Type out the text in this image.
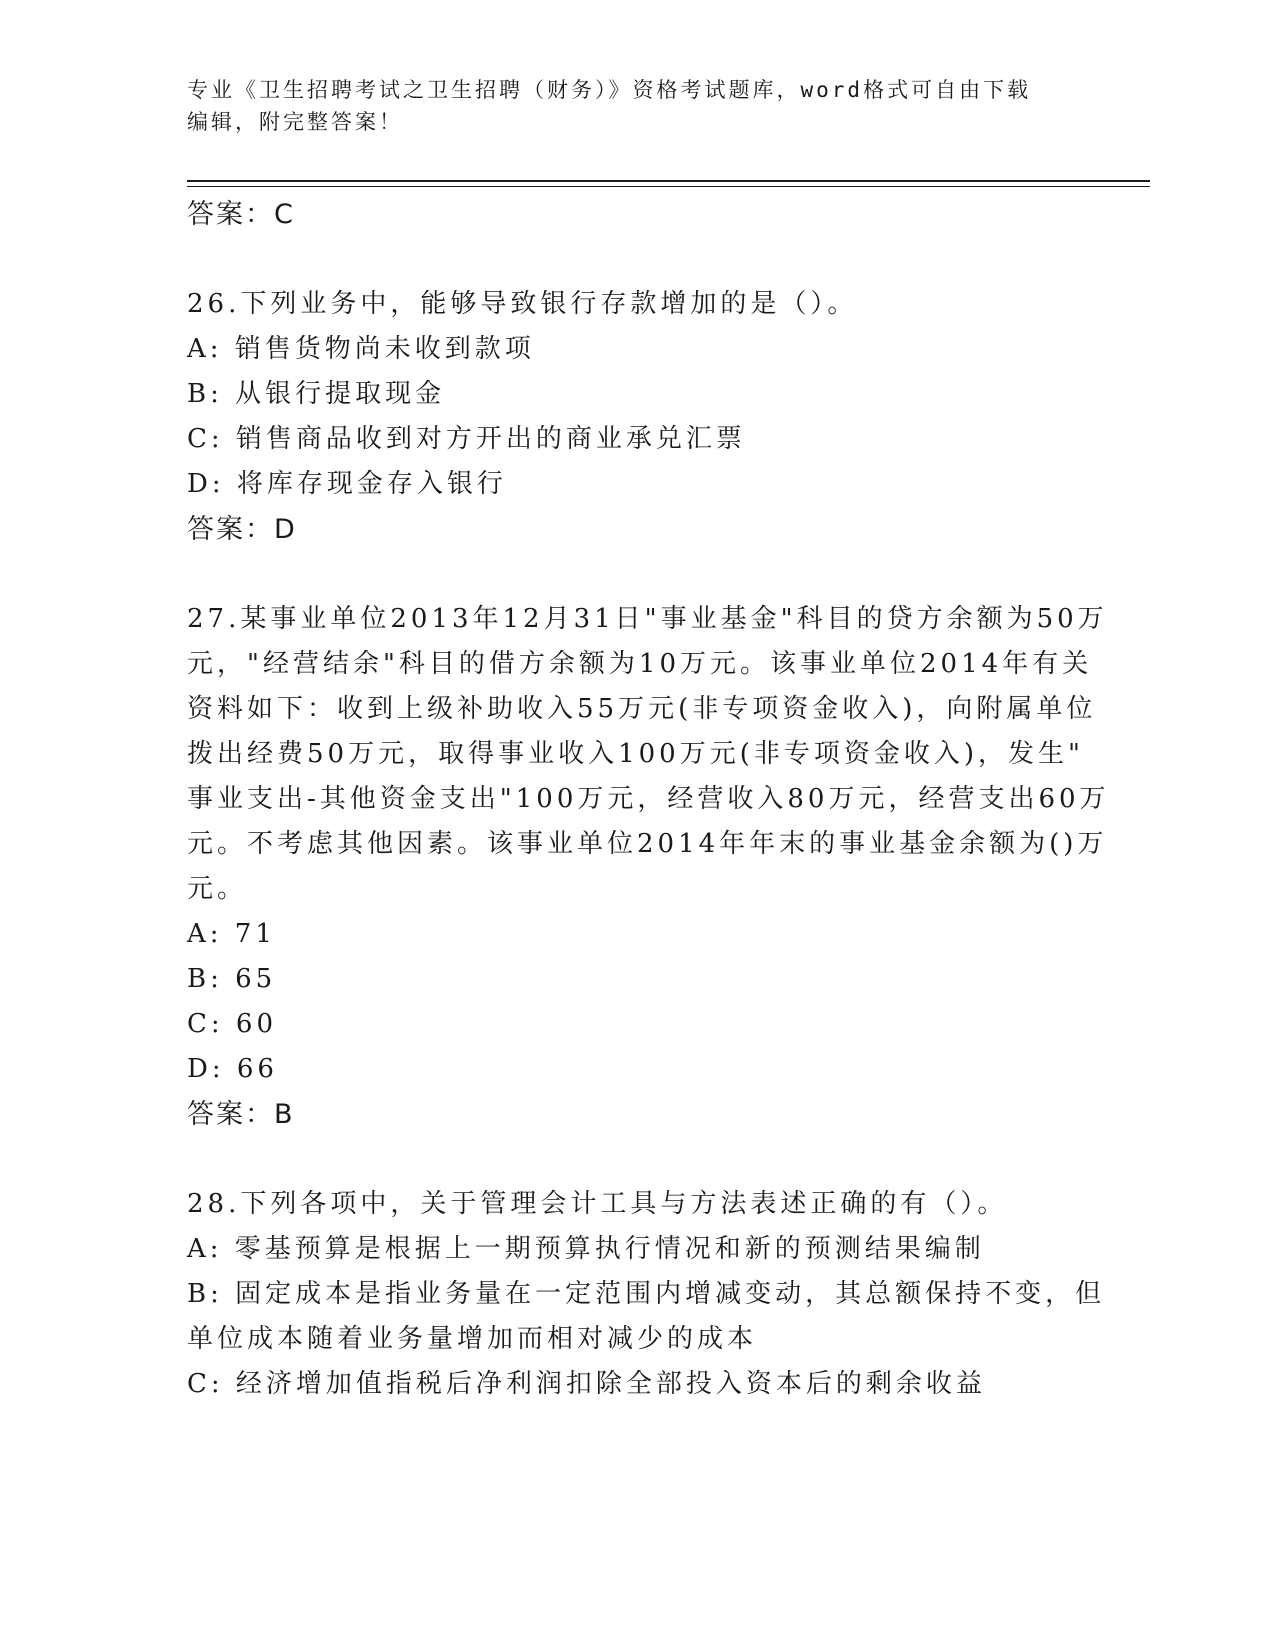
专业《卫生招聘考试之卫生招聘（财务）》资格考试题库，word格式可自由下载
编辑，附完整答案！
答案：C
26.下列业务中，能够导致银行存款增加的是（）。
A: 销售货物尚未收到款项
B: 从银行提取现金
C: 销售商品收到对方开出的商业承兑汇票
D: 将库存现金存入银行
答案：D
27.某事业单位2013年12月31日"事业基金"科目的贷方余额为50万
元，"经营结余"科目的借方余额为10万元。该事业单位2014年有关
资料如下：收到上级补助收入55万元(非专项资金收入)，向附属单位
拨出经费50万元，取得事业收入100万元(非专项资金收入)，发生"
事业支出-其他资金支出"100万元，经营收入80万元，经营支出60万
元。不考虑其他因素。该事业单位2014年年末的事业基金余额为()万
元。
A: 71
B: 65
C: 60
D: 66
答案：B
28.下列各项中，关于管理会计工具与方法表述正确的有（）。
A: 零基预算是根据上一期预算执行情况和新的预测结果编制
B: 固定成本是指业务量在一定范围内增减变动，其总额保持不变，但
单位成本随着业务量增加而相对减少的成本
C: 经济增加值指税后净利润扣除全部投入资本后的剩余收益
